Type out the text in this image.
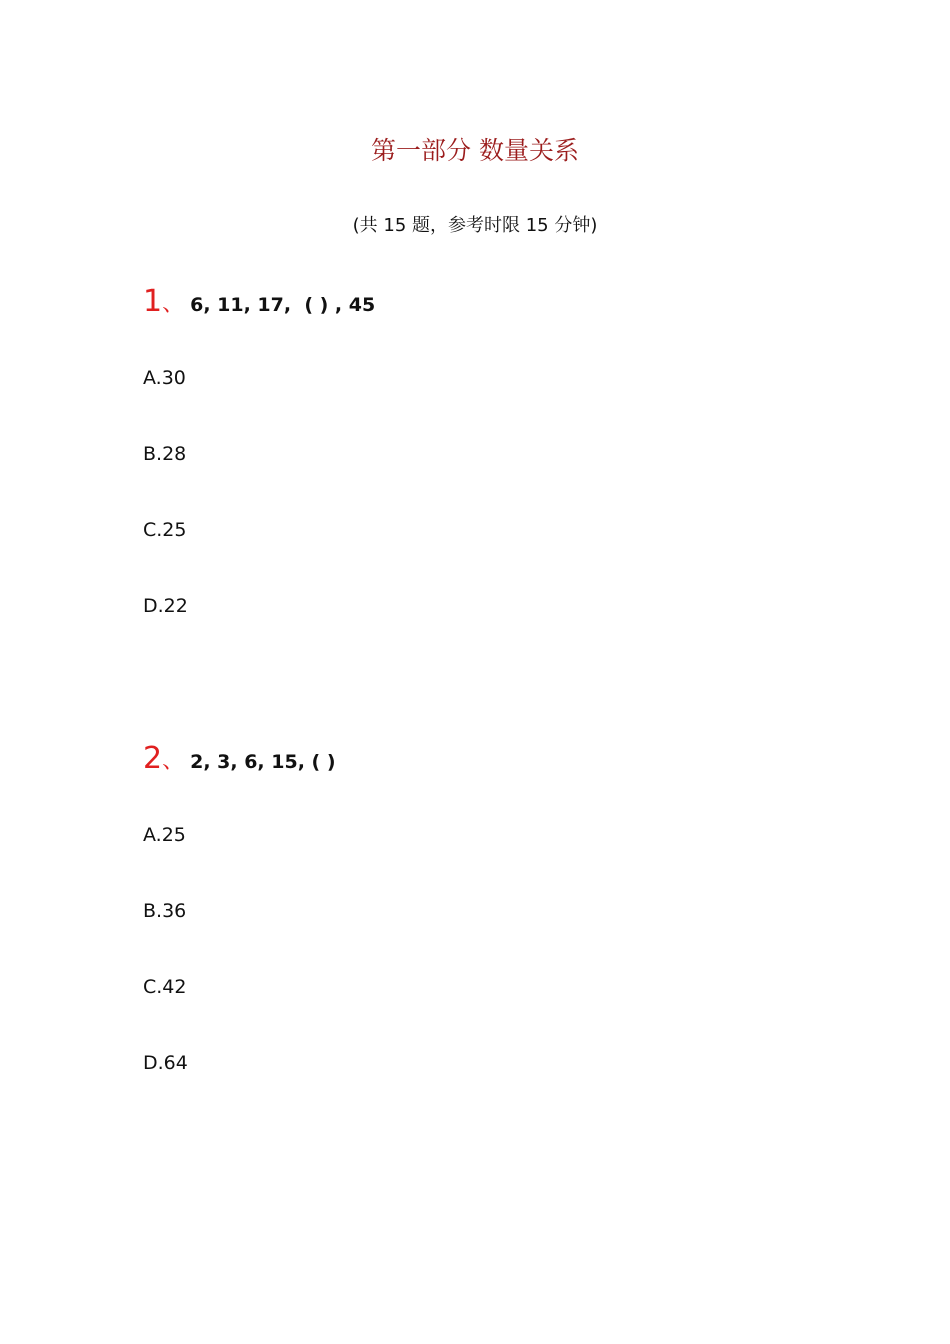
第一部分 数量关系
(共 15 题，参考时限 15 分钟)
1 、 6, 11, 17,  ( ) , 45
A.30
B.28
C.25
D.22
2 、 2, 3, 6, 15, ( )
A.25
B.36
C.42
D.64
